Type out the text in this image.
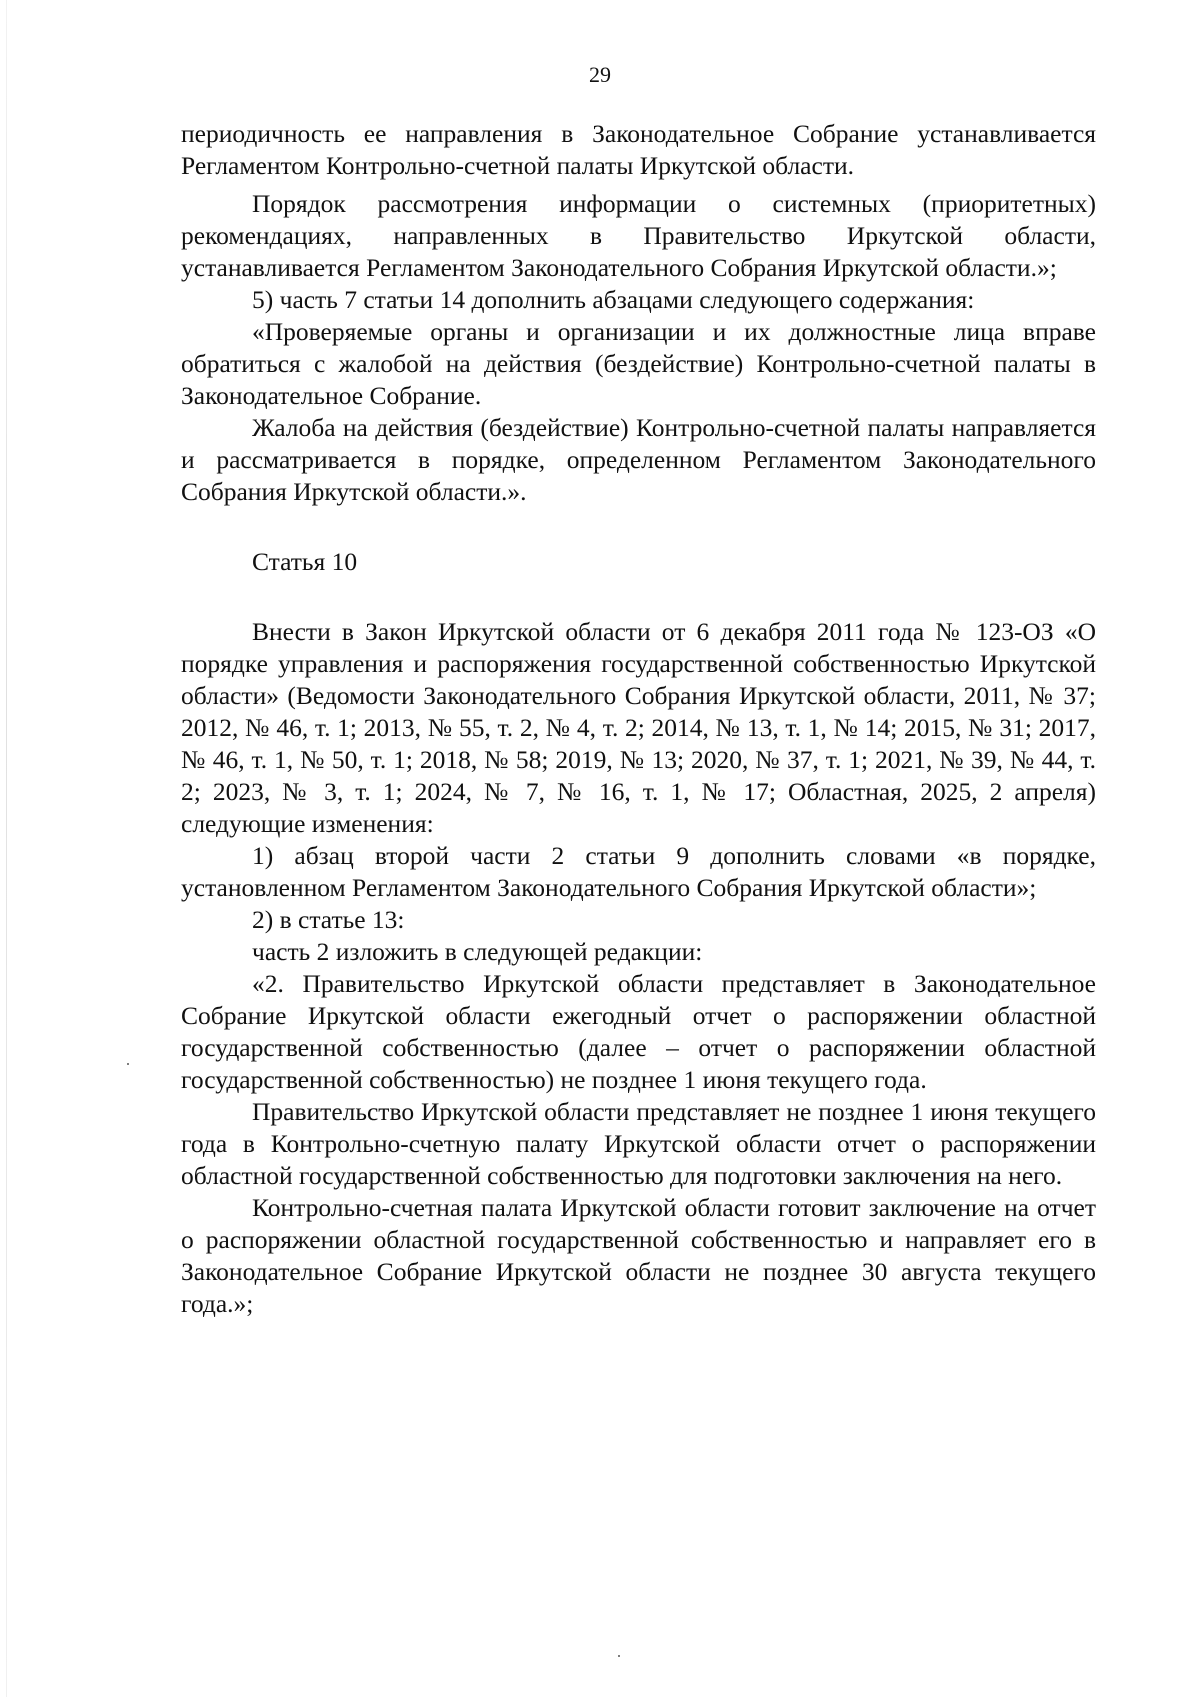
29

периодичность ее направления в Законодательное Собрание устанавливается Регламентом Контрольно-счетной палаты Иркутской области.

Порядок рассмотрения информации о системных (приоритетных) рекомендациях, направленных в Правительство Иркутской области, устанавливается Регламентом Законодательного Собрания Иркутской области.»;

5) часть 7 статьи 14 дополнить абзацами следующего содержания:

«Проверяемые органы и организации и их должностные лица вправе обратиться с жалобой на действия (бездействие) Контрольно-счетной палаты в Законодательное Собрание.

Жалоба на действия (бездействие) Контрольно-счетной палаты направляется и рассматривается в порядке, определенном Регламентом Законодательного Собрания Иркутской области.».

Статья 10

Внести в Закон Иркутской области от 6 декабря 2011 года № 123-ОЗ «О порядке управления и распоряжения государственной собственностью Иркутской области» (Ведомости Законодательного Собрания Иркутской области, 2011, № 37; 2012, № 46, т. 1; 2013, № 55, т. 2, № 4, т. 2; 2014, № 13, т. 1, № 14; 2015, № 31; 2017, № 46, т. 1, № 50, т. 1; 2018, № 58; 2019, № 13; 2020, № 37, т. 1; 2021, № 39, № 44, т. 2; 2023, № 3, т. 1; 2024, № 7, № 16, т. 1, № 17; Областная, 2025, 2 апреля) следующие изменения:

1) абзац второй части 2 статьи 9 дополнить словами «в порядке, установленном Регламентом Законодательного Собрания Иркутской области»;

2) в статье 13:

часть 2 изложить в следующей редакции:

«2. Правительство Иркутской области представляет в Законодательное Собрание Иркутской области ежегодный отчет о распоряжении областной государственной собственностью (далее – отчет о распоряжении областной государственной собственностью) не позднее 1 июня текущего года.

Правительство Иркутской области представляет не позднее 1 июня текущего года в Контрольно-счетную палату Иркутской области отчет о распоряжении областной государственной собственностью для подготовки заключения на него.

Контрольно-счетная палата Иркутской области готовит заключение на отчет о распоряжении областной государственной собственностью и направляет его в Законодательное Собрание Иркутской области не позднее 30 августа текущего года.»;
